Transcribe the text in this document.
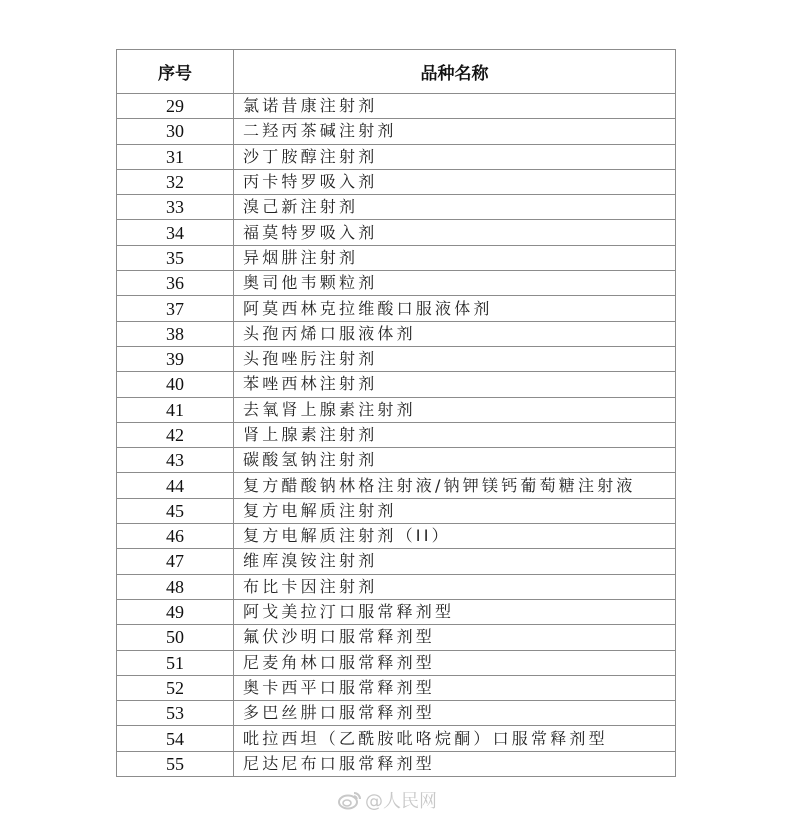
序号	品种名称
29	氯诺昔康注射剂
30	二羟丙茶碱注射剂
31	沙丁胺醇注射剂
32	丙卡特罗吸入剂
33	溴己新注射剂
34	福莫特罗吸入剂
35	异烟肼注射剂
36	奥司他韦颗粒剂
37	阿莫西林克拉维酸口服液体剂
38	头孢丙烯口服液体剂
39	头孢唑肟注射剂
40	苯唑西林注射剂
41	去氧肾上腺素注射剂
42	肾上腺素注射剂
43	碳酸氢钠注射剂
44	复方醋酸钠林格注射液/钠钾镁钙葡萄糖注射液
45	复方电解质注射剂
46	复方电解质注射剂（II）
47	维库溴铵注射剂
48	布比卡因注射剂
49	阿戈美拉汀口服常释剂型
50	氟伏沙明口服常释剂型
51	尼麦角林口服常释剂型
52	奥卡西平口服常释剂型
53	多巴丝肼口服常释剂型
54	吡拉西坦（乙酰胺吡咯烷酮）口服常释剂型
55	尼达尼布口服常释剂型
@人民网
